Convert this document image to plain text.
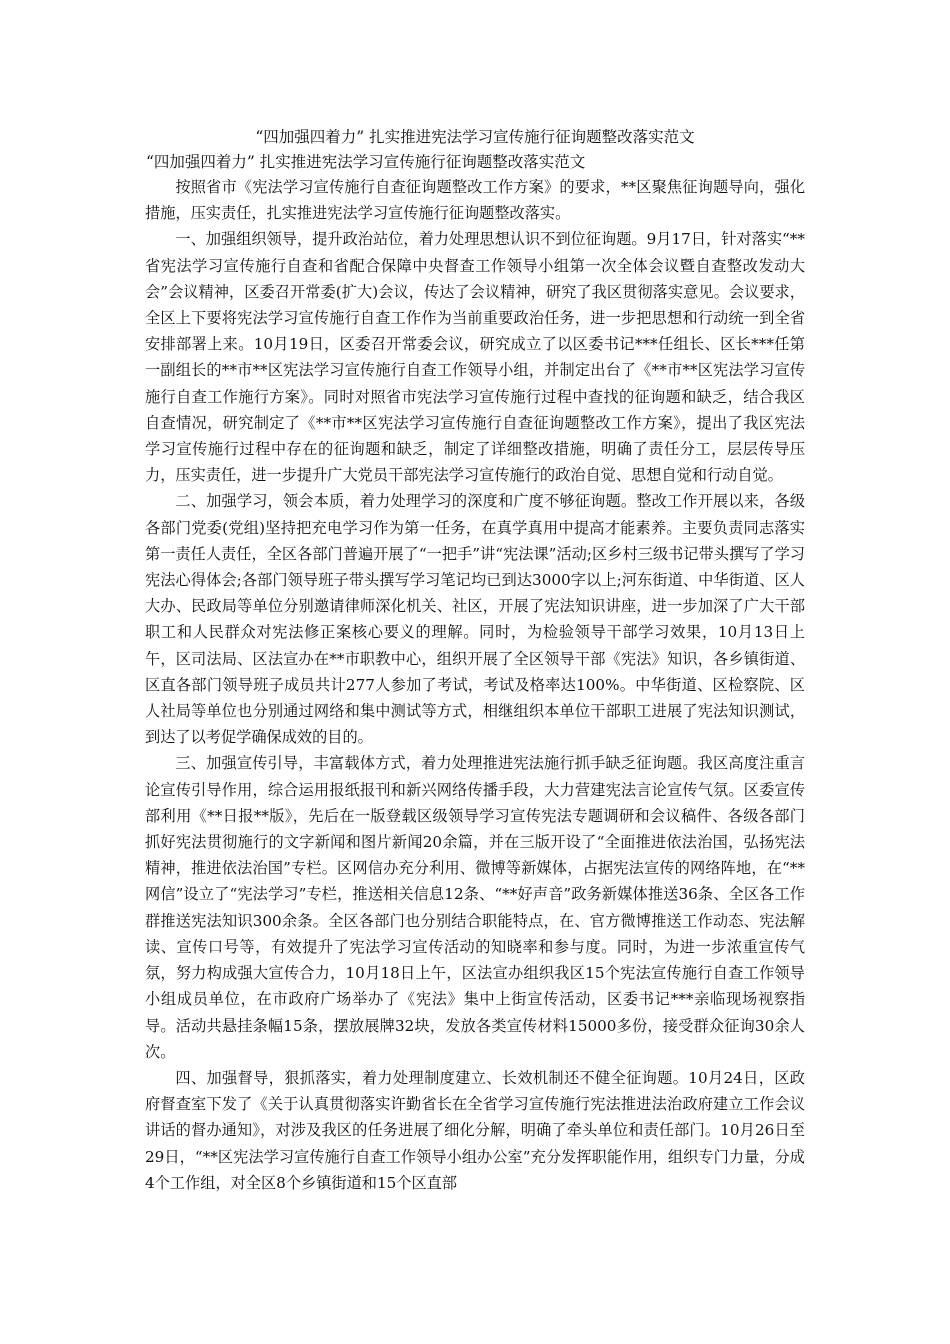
“四加强四着力” 扎实推进宪法学习宣传施行征询题整改落实范文
“四加强四着力” 扎实推进宪法学习宣传施行征询题整改落实范文

按照省市《宪法学习宣传施行自查征询题整改工作方案》的要求，**区聚焦征询题导向，强化措施，压实责任，扎实推进宪法学习宣传施行征询题整改落实。

一、加强组织领导，提升政治站位，着力处理思想认识不到位征询题。9月17日，针对落实“**省宪法学习宣传施行自查和省配合保障中央督查工作领导小组第一次全体会议暨自查整改发动大会”会议精神，区委召开常委(扩大)会议，传达了会议精神，研究了我区贯彻落实意见。会议要求，全区上下要将宪法学习宣传施行自查工作作为当前重要政治任务，进一步把思想和行动统一到全省安排部署上来。10月19日，区委召开常委会议，研究成立了以区委书记***任组长、区长***任第一副组长的**市**区宪法学习宣传施行自查工作领导小组，并制定出台了《**市**区宪法学习宣传施行自查工作施行方案》。同时对照省市宪法学习宣传施行过程中查找的征询题和缺乏，结合我区自查情况，研究制定了《**市**区宪法学习宣传施行自查征询题整改工作方案》，提出了我区宪法学习宣传施行过程中存在的征询题和缺乏，制定了详细整改措施，明确了责任分工，层层传导压力，压实责任，进一步提升广大党员干部宪法学习宣传施行的政治自觉、思想自觉和行动自觉。

二、加强学习，领会本质，着力处理学习的深度和广度不够征询题。整改工作开展以来，各级各部门党委(党组)坚持把充电学习作为第一任务，在真学真用中提高才能素养。主要负责同志落实第一责任人责任，全区各部门普遍开展了“一把手”讲“宪法课”活动;区乡村三级书记带头撰写了学习宪法心得体会;各部门领导班子带头撰写学习笔记均已到达3000字以上;河东街道、中华街道、区人大办、民政局等单位分别邀请律师深化机关、社区，开展了宪法知识讲座，进一步加深了广大干部职工和人民群众对宪法修正案核心要义的理解。同时，为检验领导干部学习效果，10月13日上午，区司法局、区法宣办在**市职教中心，组织开展了全区领导干部《宪法》知识，各乡镇街道、区直各部门领导班子成员共计277人参加了考试，考试及格率达100%。中华街道、区检察院、区人社局等单位也分别通过网络和集中测试等方式，相继组织本单位干部职工进展了宪法知识测试，到达了以考促学确保成效的目的。

三、加强宣传引导，丰富载体方式，着力处理推进宪法施行抓手缺乏征询题。我区高度注重言论宣传引导作用，综合运用报纸报刊和新兴网络传播手段，大力营建宪法言论宣传气氛。区委宣传部利用《**日报**版》，先后在一版登载区级领导学习宣传宪法专题调研和会议稿件、各级各部门抓好宪法贯彻施行的文字新闻和图片新闻20余篇，并在三版开设了“全面推进依法治国，弘扬宪法精神，推进依法治国”专栏。区网信办充分利用、微博等新媒体，占据宪法宣传的网络阵地，在“**网信”设立了“宪法学习”专栏，推送相关信息12条、“**好声音”政务新媒体推送36条、全区各工作群推送宪法知识300余条。全区各部门也分别结合职能特点，在、官方微博推送工作动态、宪法解读、宣传口号等，有效提升了宪法学习宣传活动的知晓率和参与度。同时，为进一步浓重宣传气氛，努力构成强大宣传合力，10月18日上午，区法宣办组织我区15个宪法宣传施行自查工作领导小组成员单位，在市政府广场举办了《宪法》集中上街宣传活动，区委书记***亲临现场视察指导。活动共悬挂条幅15条，摆放展牌32块，发放各类宣传材料15000多份，接受群众征询30余人次。

四、加强督导，狠抓落实，着力处理制度建立、长效机制还不健全征询题。10月24日，区政府督查室下发了《关于认真贯彻落实许勤省长在全省学习宣传施行宪法推进法治政府建立工作会议讲话的督办通知》，对涉及我区的任务进展了细化分解，明确了牵头单位和责任部门。10月26日至29日，“**区宪法学习宣传施行自查工作领导小组办公室”充分发挥职能作用，组织专门力量，分成4个工作组，对全区8个乡镇街道和15个区直部
